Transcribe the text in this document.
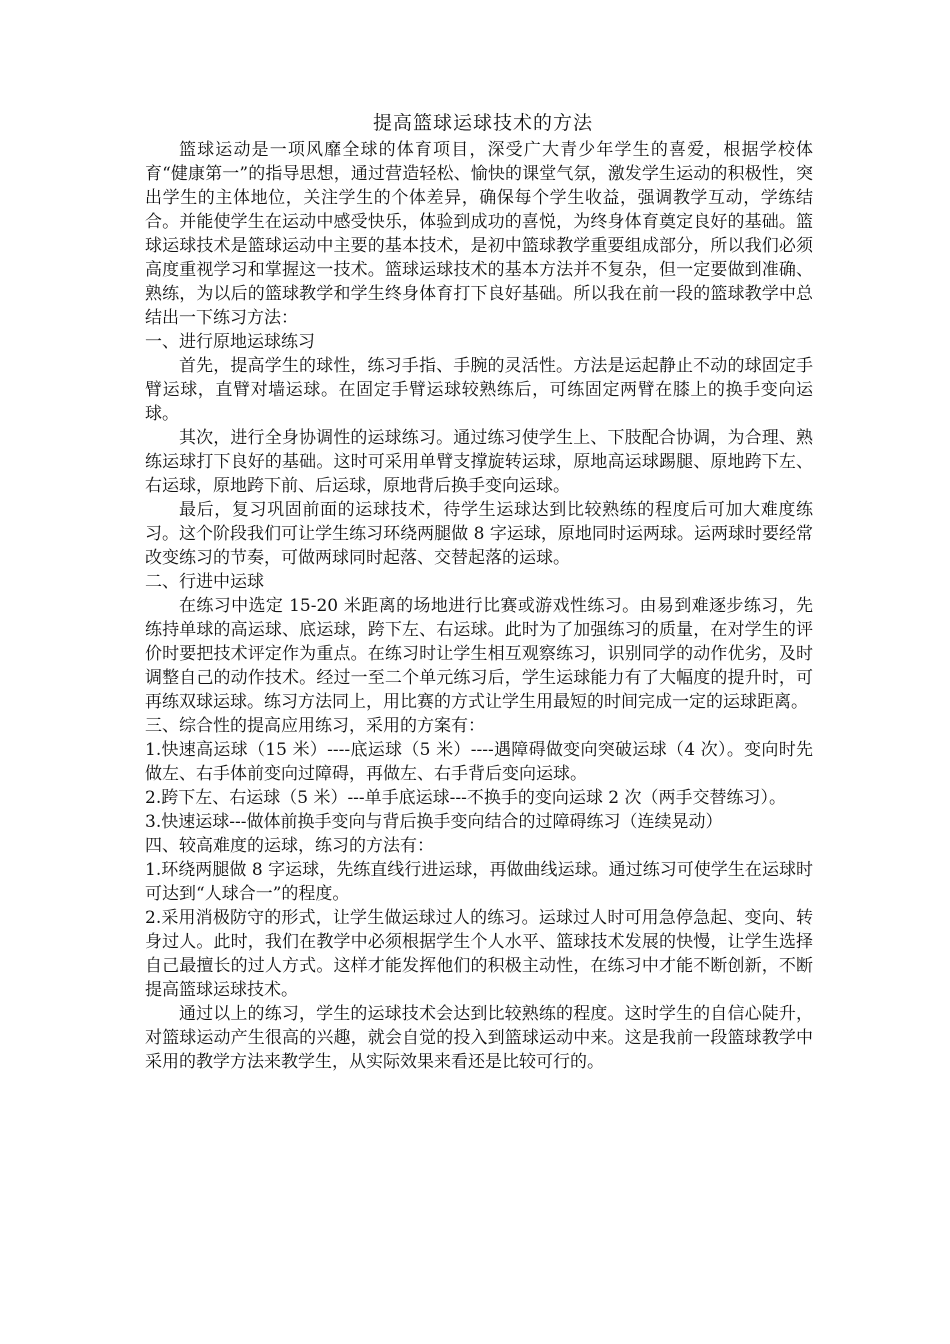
提高篮球运球技术的方法

篮球运动是一项风靡全球的体育项目，深受广大青少年学生的喜爱，根据学校体育“健康第一”的指导思想，通过营造轻松、愉快的课堂气氛，激发学生运动的积极性，突出学生的主体地位，关注学生的个体差异，确保每个学生收益，强调教学互动，学练结合。并能使学生在运动中感受快乐，体验到成功的喜悦，为终身体育奠定良好的基础。篮球运球技术是篮球运动中主要的基本技术，是初中篮球教学重要组成部分，所以我们必须高度重视学习和掌握这一技术。篮球运球技术的基本方法并不复杂，但一定要做到准确、熟练，为以后的篮球教学和学生终身体育打下良好基础。所以我在前一段的篮球教学中总结出一下练习方法：

一、进行原地运球练习

首先，提高学生的球性，练习手指、手腕的灵活性。方法是运起静止不动的球固定手臂运球，直臂对墙运球。在固定手臂运球较熟练后，可练固定两臂在膝上的换手变向运球。

其次，进行全身协调性的运球练习。通过练习使学生上、下肢配合协调，为合理、熟练运球打下良好的基础。这时可采用单臂支撑旋转运球，原地高运球踢腿、原地跨下左、右运球，原地跨下前、后运球，原地背后换手变向运球。

最后，复习巩固前面的运球技术，待学生运球达到比较熟练的程度后可加大难度练习。这个阶段我们可让学生练习环绕两腿做 8 字运球，原地同时运两球。运两球时要经常改变练习的节奏，可做两球同时起落、交替起落的运球。

二、行进中运球

在练习中选定 15-20 米距离的场地进行比赛或游戏性练习。由易到难逐步练习，先练持单球的高运球、底运球，跨下左、右运球。此时为了加强练习的质量，在对学生的评价时要把技术评定作为重点。在练习时让学生相互观察练习，识别同学的动作优劣，及时调整自己的动作技术。经过一至二个单元练习后，学生运球能力有了大幅度的提升时，可再练双球运球。练习方法同上，用比赛的方式让学生用最短的时间完成一定的运球距离。

三、综合性的提高应用练习，采用的方案有：

1.快速高运球（15 米）----底运球（5 米）----遇障碍做变向突破运球（4 次）。变向时先做左、右手体前变向过障碍，再做左、右手背后变向运球。

2.跨下左、右运球（5 米）---单手底运球---不换手的变向运球 2 次（两手交替练习）。

3.快速运球---做体前换手变向与背后换手变向结合的过障碍练习（连续晃动）

四、较高难度的运球，练习的方法有：

1.环绕两腿做 8 字运球，先练直线行进运球，再做曲线运球。通过练习可使学生在运球时可达到“人球合一”的程度。

2.采用消极防守的形式，让学生做运球过人的练习。运球过人时可用急停急起、变向、转身过人。此时，我们在教学中必须根据学生个人水平、篮球技术发展的快慢，让学生选择自己最擅长的过人方式。这样才能发挥他们的积极主动性，在练习中才能不断创新，不断提高篮球运球技术。

通过以上的练习，学生的运球技术会达到比较熟练的程度。这时学生的自信心陡升，对篮球运动产生很高的兴趣，就会自觉的投入到篮球运动中来。这是我前一段篮球教学中采用的教学方法来教学生，从实际效果来看还是比较可行的。
